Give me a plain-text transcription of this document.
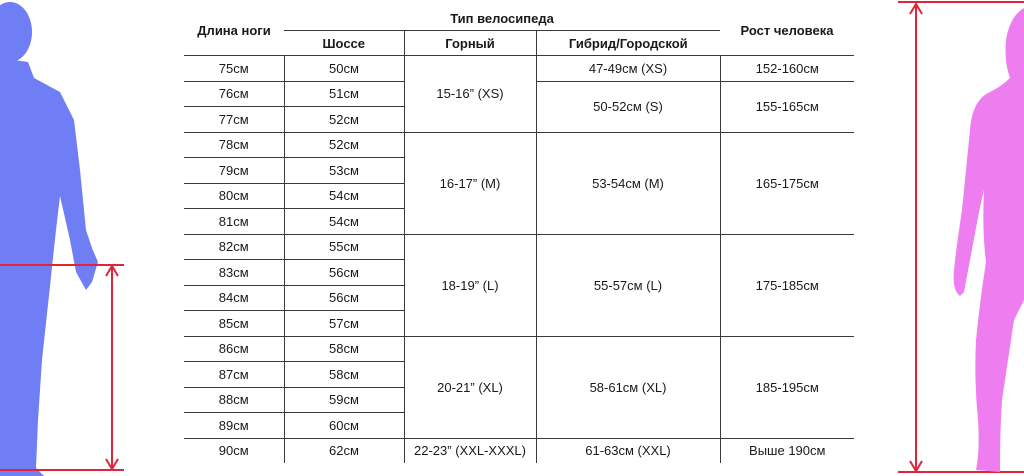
Длина ноги	Тип велосипеда			Рост человека
	Шоссе	Горный	Гибрид/Городской	
75см	50см	15-16” (XS)	47-49см (XS)	152-160см
76см	51см		50-52см (S)	155-165см
77см	52см			
78см	52см	16-17” (M)	53-54см (M)	165-175см
79см	53см			
80см	54см			
81см	54см			
82см	55см	18-19” (L)	55-57см (L)	175-185см
83см	56см			
84см	56см			
85см	57см			
86см	58см	20-21” (XL)	58-61см (XL)	185-195см
87см	58см			
88см	59см			
89см	60см			
90см	62см	22-23” (XXL-XXXL)	61-63см (XXL)	Выше 190см
